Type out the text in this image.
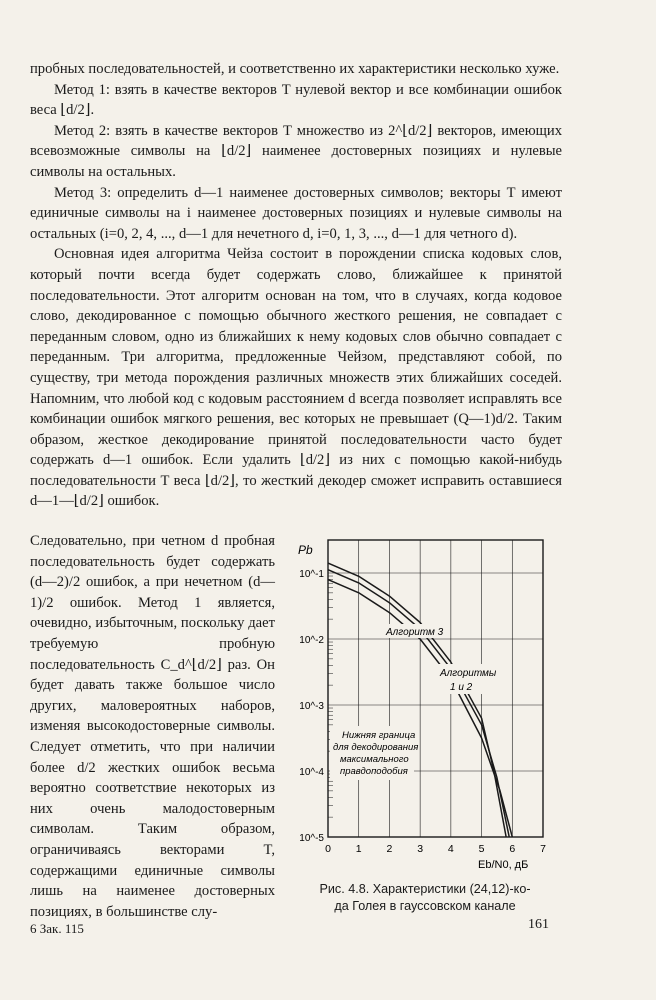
пробных последовательностей, и соответственно их характеристики несколько хуже.

Метод 1: взять в качестве векторов T нулевой вектор и все комбинации ошибок веса ⌊d/2⌋.

Метод 2: взять в качестве векторов T множество из 2^⌊d/2⌋ векторов, имеющих всевозможные символы на ⌊d/2⌋ наименее достоверных позициях и нулевые символы на остальных.

Метод 3: определить d—1 наименее достоверных символов; векторы T имеют единичные символы на i наименее достоверных позициях и нулевые символы на остальных (i=0, 2, 4, ..., d—1 для нечетного d, i=0, 1, 3, ..., d—1 для четного d).

Основная идея алгоритма Чейза состоит в порождении списка кодовых слов, который почти всегда будет содержать слово, ближайшее к принятой последовательности. Этот алгоритм основан на том, что в случаях, когда кодовое слово, декодированное с помощью обычного жесткого решения, не совпадает с переданным словом, одно из ближайших к нему кодовых слов обычно совпадает с переданным. Три алгоритма, предложенные Чейзом, представляют собой, по существу, три метода порождения различных множеств этих ближайших соседей. Напомним, что любой код с кодовым расстоянием d всегда позволяет исправлять все комбинации ошибок мягкого решения, вес которых не превышает (Q—1)d/2. Таким образом, жесткое декодирование принятой последовательности часто будет содержать d—1 ошибок. Если удалить ⌊d/2⌋ из них с помощью какой-нибудь последовательности T веса ⌊d/2⌋, то жесткий декодер сможет исправить оставшиеся d—1—⌊d/2⌋ ошибок.

Следовательно, при четном d пробная последовательность будет содержать (d—2)/2 ошибок, а при нечетном (d—1)/2 ошибок. Метод 1 является, очевидно, избыточным, поскольку дает требуемую пробную последовательность C_d^⌊d/2⌋ раз. Он будет давать также большое число других, маловероятных наборов, изменяя высокодостоверные символы. Следует отметить, что при наличии более d/2 жестких ошибок весьма вероятно соответствие некоторых из них очень малодостоверным символам. Таким образом, ограничиваясь векторами T, содержащими единичные символы лишь на наименее достоверных позициях, в большинстве слу-

10^-1
10^-2
10^-3
10^-4
10^-5
0 1 2 3 4 5 6 7
Pb
Eb/N0, дБ
Алгоритм 3
Алгоритмы
1 и 2
Нижняя граница
для декодирования
максимального
правдоподобия
Рис. 4.8. Характеристики (24,12)-ко-
да Голея в гауссовском канале
6 Зак. 115	161
